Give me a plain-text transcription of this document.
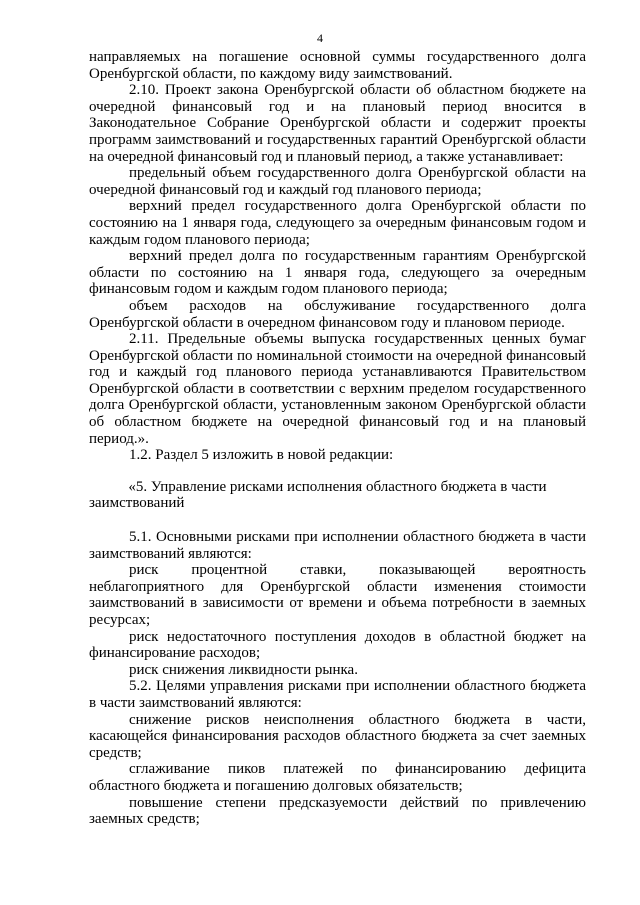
4

направляемых на погашение основной суммы государственного долга Оренбургской области, по каждому виду заимствований.

2.10. Проект закона Оренбургской области об областном бюджете на очередной финансовый год и на плановый период вносится в Законодательное Собрание Оренбургской области и содержит проекты программ заимствований и государственных гарантий Оренбургской области на очередной финансовый год и плановый период, а также устанавливает:

предельный объем государственного долга Оренбургской области на очередной финансовый год и каждый год планового периода;

верхний предел государственного долга Оренбургской области по состоянию на 1 января года, следующего за очередным финансовым годом и каждым годом планового периода;

верхний предел долга по государственным гарантиям Оренбургской области по состоянию на 1 января года, следующего за очередным финансовым годом и каждым годом планового периода;

объем расходов на обслуживание государственного долга Оренбургской области в очередном финансовом году и плановом периоде.

2.11. Предельные объемы выпуска государственных ценных бумаг Оренбургской области по номинальной стоимости на очередной финансовый год и каждый год планового периода устанавливаются Правительством Оренбургской области в соответствии с верхним пределом государственного долга Оренбургской области, установленным законом Оренбургской области об областном бюджете на очередной финансовый год и на плановый период.».

1.2. Раздел 5 изложить в новой редакции:

«5. Управление рисками исполнения областного бюджета в части заимствований

5.1. Основными рисками при исполнении областного бюджета в части заимствований являются:

риск процентной ставки, показывающей вероятность неблагоприятного для Оренбургской области изменения стоимости заимствований в зависимости от времени и объема потребности в заемных ресурсах;

риск недостаточного поступления доходов в областной бюджет на финансирование расходов;

риск снижения ликвидности рынка.

5.2. Целями управления рисками при исполнении областного бюджета в части заимствований являются:

снижение рисков неисполнения областного бюджета в части, касающейся финансирования расходов областного бюджета за счет заемных средств;

сглаживание пиков платежей по финансированию дефицита областного бюджета и погашению долговых обязательств;

повышение степени предсказуемости действий по привлечению заемных средств;
